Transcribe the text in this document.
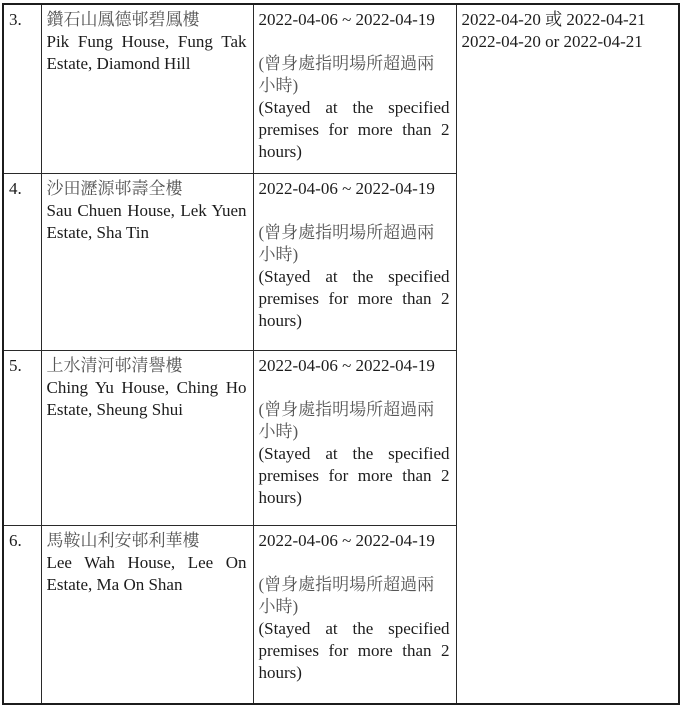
3.	鑽石山鳳德邨碧鳳樓
Pik Fung House, Fung Tak Estate, Diamond Hill

2022-04-06 ~ 2022-04-19
(曾身處指明場所超過兩小時)
(Stayed at the specified premises for more than 2 hours)

2022-04-20 或 2022-04-21
2022-04-20 or 2022-04-21

4.	沙田瀝源邨壽全樓
Sau Chuen House, Lek Yuen Estate, Sha Tin

2022-04-06 ~ 2022-04-19
(曾身處指明場所超過兩小時)
(Stayed at the specified premises for more than 2 hours)

5.	上水清河邨清譽樓
Ching Yu House, Ching Ho Estate, Sheung Shui

2022-04-06 ~ 2022-04-19
(曾身處指明場所超過兩小時)
(Stayed at the specified premises for more than 2 hours)

6.	馬鞍山利安邨利華樓
Lee Wah House, Lee On Estate, Ma On Shan

2022-04-06 ~ 2022-04-19
(曾身處指明場所超過兩小時)
(Stayed at the specified premises for more than 2 hours)
